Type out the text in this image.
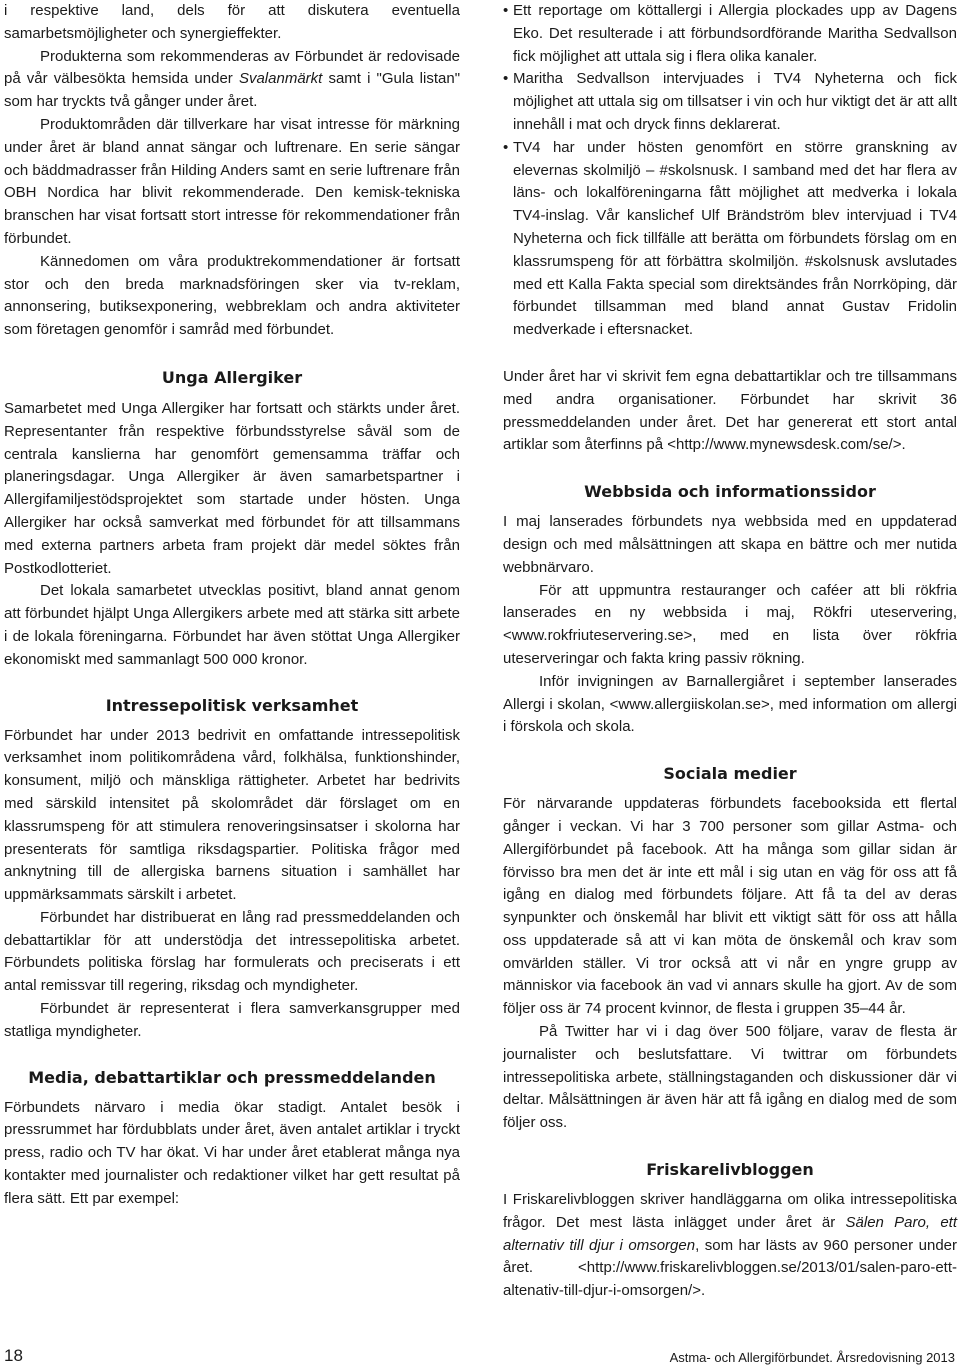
i respektive land, dels för att diskutera eventuella samarbetsmöjligheter och synergieffekter.

Produkterna som rekommenderas av Förbundet är redovisade på vår välbesökta hemsida under Svalanmärkt samt i "Gula listan" som har tryckts två gånger under året.

Produktområden där tillverkare har visat intresse för märkning under året är bland annat sängar och luftrenare. En serie sängar och bäddmadrasser från Hilding Anders samt en serie luftrenare från OBH Nordica har blivit rekommenderade. Den kemisk-tekniska branschen har visat fortsatt stort intresse för rekommendationer från förbundet.

Kännedomen om våra produktrekommendationer är fortsatt stor och den breda marknadsföringen sker via tv-reklam, annonsering, butiksexponering, webbreklam och andra aktiviteter som företagen genomför i samråd med förbundet.

Unga Allergiker

Samarbetet med Unga Allergiker har fortsatt och stärkts under året. Representanter från respektive förbundsstyrelse såväl som de centrala kanslierna har genomfört gemensamma träffar och planeringsdagar. Unga Allergiker är även samarbetspartner i Allergifamiljestödsprojektet som startade under hösten. Unga Allergiker har också samverkat med förbundet för att tillsammans med externa partners arbeta fram projekt där medel söktes från Postkodlotteriet.

Det lokala samarbetet utvecklas positivt, bland annat genom att förbundet hjälpt Unga Allergikers arbete med att stärka sitt arbete i de lokala föreningarna. Förbundet har även stöttat Unga Allergiker ekonomiskt med sammanlagt 500 000 kronor.

Intressepolitisk verksamhet

Förbundet har under 2013 bedrivit en omfattande intressepolitisk verksamhet inom politikområdena vård, folkhälsa, funktionshinder, konsument, miljö och mänskliga rättigheter. Arbetet har bedrivits med särskild intensitet på skolområdet där förslaget om en klassrumspeng för att stimulera renoveringsinsatser i skolorna har presenterats för samtliga riksdagspartier. Politiska frågor med anknytning till de allergiska barnens situation i samhället har uppmärksammats särskilt i arbetet.

Förbundet har distribuerat en lång rad pressmeddelanden och debattartiklar för att understödja det intressepolitiska arbetet. Förbundets politiska förslag har formulerats och preciserats i ett antal remissvar till regering, riksdag och myndigheter.

Förbundet är representerat i flera samverkansgrupper med statliga myndigheter.

Media, debattartiklar och pressmeddelanden

Förbundets närvaro i media ökar stadigt. Antalet besök i pressrummet har fördubblats under året, även antalet artiklar i tryckt press, radio och TV har ökat. Vi har under året etablerat många nya kontakter med journalister och redaktioner vilket har gett resultat på flera sätt. Ett par exempel:

• Ett reportage om köttallergi i Allergia plockades upp av Dagens Eko. Det resulterade i att förbundsordförande Maritha Sedvallson fick möjlighet att uttala sig i flera olika kanaler.
• Maritha Sedvallson intervjuades i TV4 Nyheterna och fick möjlighet att uttala sig om tillsatser i vin och hur viktigt det är att allt innehåll i mat och dryck finns deklarerat.
• TV4 har under hösten genomfört en större granskning av elevernas skolmiljö – #skolsnusk. I samband med det har flera av läns- och lokalföreningarna fått möjlighet att medverka i lokala TV4-inslag. Vår kanslichef Ulf Brändström blev intervjuad i TV4 Nyheterna och fick tillfälle att berätta om förbundets förslag om en klassrumspeng för att förbättra skolmiljön. #skolsnusk avslutades med ett Kalla Fakta special som direktsändes från Norrköping, där förbundet tillsamman med bland annat Gustav Fridolin medverkade i eftersnacket.

Under året har vi skrivit fem egna debattartiklar och tre tillsammans med andra organisationer. Förbundet har skrivit 36 pressmeddelanden under året. Det har genererat ett stort antal artiklar som återfinns på <http://www.mynewsdesk.com/se/>.

Webbsida och informationssidor

I maj lanserades förbundets nya webbsida med en uppdaterad design och med målsättningen att skapa en bättre och mer nutida webbnärvaro.

För att uppmuntra restauranger och caféer att bli rökfria lanserades en ny webbsida i maj, Rökfri uteservering, <www.rokfriuteservering.se>, med en lista över rökfria uteserveringar och fakta kring passiv rökning.

Inför invigningen av Barnallergiåret i september lanserades Allergi i skolan, <www.allergiiskolan.se>, med information om allergi i förskola och skola.

Sociala medier

För närvarande uppdateras förbundets facebooksida ett flertal gånger i veckan. Vi har 3 700 personer som gillar Astma- och Allergiförbundet på facebook. Att ha många som gillar sidan är förvisso bra men det är inte ett mål i sig utan en väg för oss att få igång en dialog med förbundets följare. Att få ta del av deras synpunkter och önskemål har blivit ett viktigt sätt för oss att hålla oss uppdaterade så att vi kan möta de önskemål och krav som omvärlden ställer. Vi tror också att vi når en yngre grupp av människor via facebook än vad vi annars skulle ha gjort. Av de som följer oss är 74 procent kvinnor, de flesta i gruppen 35–44 år.

På Twitter har vi i dag över 500 följare, varav de flesta är journalister och beslutsfattare. Vi twittrar om förbundets intressepolitiska arbete, ställningstaganden och diskussioner där vi deltar. Målsättningen är även här att få igång en dialog med de som följer oss.

Friskarelivbloggen

I Friskarelivbloggen skriver handläggarna om olika intressepolitiska frågor. Det mest lästa inlägget under året är Sälen Paro, ett alternativ till djur i omsorgen, som har lästs av 960 personer under året. <http://www.friskarelivbloggen.se/2013/01/salen-paro-ett-altenativ-till-djur-i-omsorgen/>.

18	Astma- och Allergiförbundet. Årsredovisning 2013
